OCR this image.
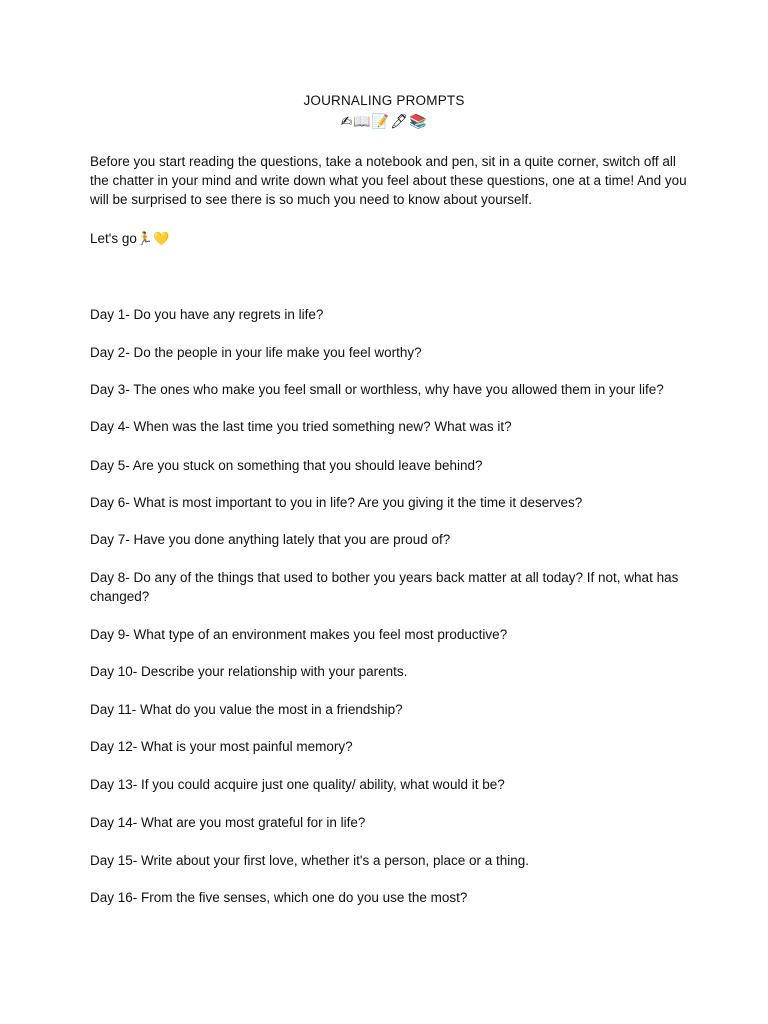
JOURNALING PROMPTS
✍📖📝🖊📚
Before you start reading the questions, take a notebook and pen, sit in a quite corner, switch off all the chatter in your mind and write down what you feel about these questions, one at a time! And you will be surprised to see there is so much you need to know about yourself.
Let's go🏃💛
Day 1- Do you have any regrets in life?
Day 2- Do the people in your life make you feel worthy?
Day 3- The ones who make you feel small or worthless, why have you allowed them in your life?
Day 4- When was the last time you tried something new? What was it?
Day 5- Are you stuck on something that you should leave behind?
Day 6- What is most important to you in life? Are you giving it the time it deserves?
Day 7- Have you done anything lately that you are proud of?
Day 8- Do any of the things that used to bother you years back matter at all today? If not, what has changed?
Day 9- What type of an environment makes you feel most productive?
Day 10- Describe your relationship with your parents.
Day 11- What do you value the most in a friendship?
Day 12- What is your most painful memory?
Day 13- If you could acquire just one quality/ ability, what would it be?
Day 14- What are you most grateful for in life?
Day 15- Write about your first love, whether it's a person, place or a thing.
Day 16- From the five senses, which one do you use the most?
